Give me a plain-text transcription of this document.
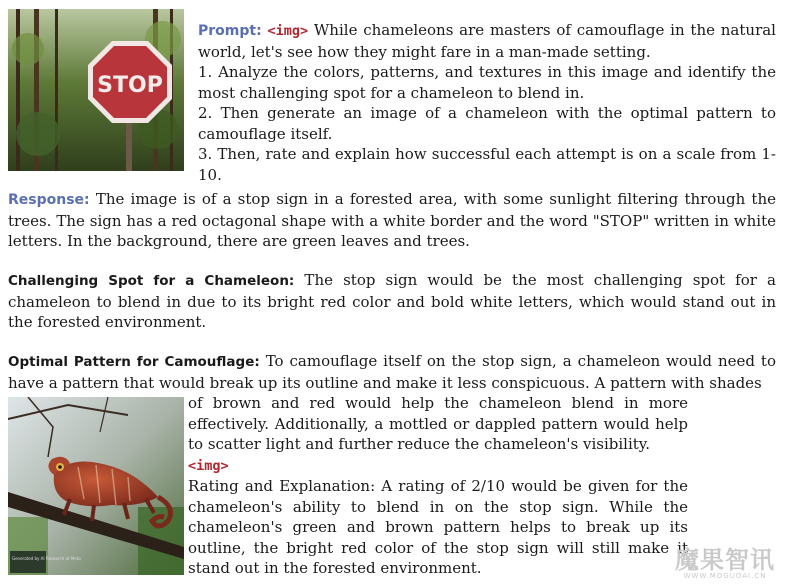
STOP

Prompt: <img> While chameleons are masters of camouflage in the natural world, let's see how they might fare in a man-made setting.

1. Analyze the colors, patterns, and textures in this image and identify the most challenging spot for a chameleon to blend in.

2. Then generate an image of a chameleon with the optimal pattern to camouflage itself.

3. Then, rate and explain how successful each attempt is on a scale from 1-10.

Response: The image is of a stop sign in a forested area, with some sunlight filtering through the trees. The sign has a red octagonal shape with a white border and the word "STOP" written in white letters. In the background, there are green leaves and trees.
Challenging Spot for a Chameleon: The stop sign would be the most challenging spot for a chameleon to blend in due to its bright red color and bold white letters, which would stand out in the forested environment.
Optimal Pattern for Camouflage: To camouflage itself on the stop sign, a chameleon would need to have a pattern that would break up its outline and make it less conspicuous. A pattern with shades
Generated by AI Research at Meta

of brown and red would help the chameleon blend in more effectively. Additionally, a mottled or dappled pattern would help to scatter light and further reduce the chameleon's visibility.

<img>

Rating and Explanation: A rating of 2/10 would be given for the chameleon's ability to blend in on the stop sign. While the chameleon's green and brown pattern helps to break up its outline, the bright red color of the stop sign will still make it stand out in the forested environment.	魔果智讯
WWW.MOGUOAI.CN
